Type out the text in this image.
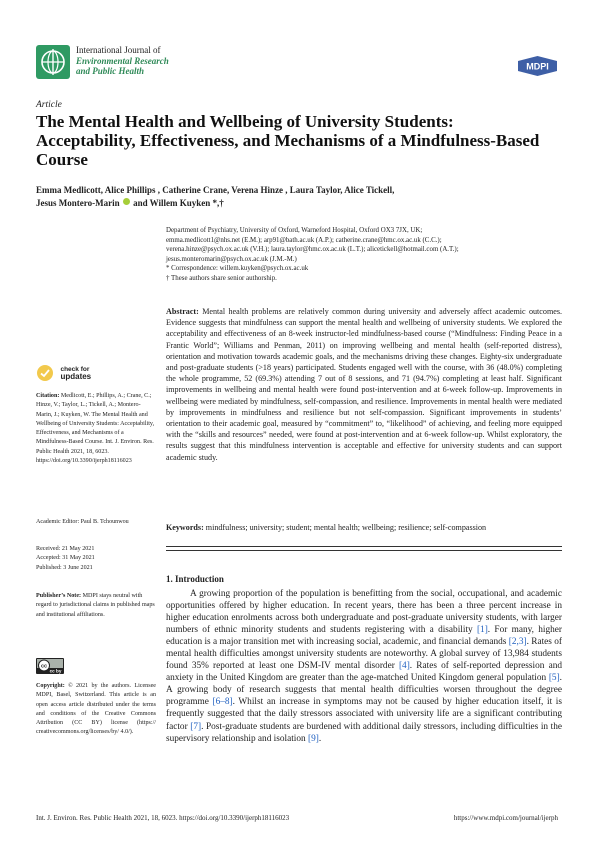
International Journal of
Environmental Research
and Public Health	MDPI
Article
The Mental Health and Wellbeing of University Students: Acceptability, Effectiveness, and Mechanisms of a Mindfulness-Based Course
Emma Medlicott, Alice Phillips , Catherine Crane, Verena Hinze , Laura Taylor, Alice Tickell,
Jesus Montero-Marin and Willem Kuyken *,†
Department of Psychiatry, University of Oxford, Warneford Hospital, Oxford OX3 7JX, UK;
emma.medlicott1@nhs.net (E.M.); arp91@bath.ac.uk (A.P.); catherine.crane@hmc.ox.ac.uk (C.C.);
verena.hinze@psych.ox.ac.uk (V.H.); laura.taylor@hmc.ox.ac.uk (L.T.); alicetickell@hotmail.com (A.T.);
jesus.monteromarin@psych.ox.ac.uk (J.M.-M.)
* Correspondence: willem.kuyken@psych.ox.ac.uk
† These authors share senior authorship.
Abstract: Mental health problems are relatively common during university and adversely affect academic outcomes. Evidence suggests that mindfulness can support the mental health and wellbeing of university students. We explored the acceptability and effectiveness of an 8-week instructor-led mindfulness-based course (“Mindfulness: Finding Peace in a Frantic World”; Williams and Penman, 2011) on improving wellbeing and mental health (self-reported distress), orientation and motivation towards academic goals, and the mechanisms driving these changes. Eighty-six undergraduate and post-graduate students (>18 years) participated. Students engaged well with the course, with 36 (48.0%) completing the whole programme, 52 (69.3%) attending 7 out of 8 sessions, and 71 (94.7%) completing at least half. Significant improvements in wellbeing and mental health were found post-intervention and at 6-week follow-up. Improvements in wellbeing were mediated by mindfulness, self-compassion, and resilience. Improvements in mental health were mediated by improvements in mindfulness and resilience but not self-compassion. Significant improvements in students’ orientation to their academic goal, measured by “commitment” to, “likelihood” of achieving, and feeling more equipped with the “skills and resources” needed, were found at post-intervention and at 6-week follow-up. Whilst exploratory, the results suggest that this mindfulness intervention is acceptable and effective for university students and can support academic study.
Keywords: mindfulness; university; student; mental health; wellbeing; resilience; self-compassion
1. Introduction

A growing proportion of the population is benefitting from the social, occupational, and academic opportunities offered by higher education. In recent years, there has been a three percent increase in higher education enrolments across both undergraduate and post-graduate university students, with larger numbers of ethnic minority students and students registering with a disability [1]. For many, higher education is a major transition met with increasing social, academic, and financial demands [2,3]. Rates of mental health difficulties amongst university students are noteworthy. A global survey of 13,984 students found 35% reported at least one DSM-IV mental disorder [4]. Rates of self-reported depression and anxiety in the United Kingdom are greater than the age-matched United Kingdom general population [5]. A growing body of research suggests that mental health difficulties worsen throughout the degree programme [6–8]. Whilst an increase in symptoms may not be caused by higher education itself, it is frequently suggested that the daily stressors associated with university life are a significant contributing factor [7]. Post-graduate students are burdened with additional daily stressors, including difficulties in the supervisory relationship and isolation [9].

check for
updates
Citation: Medlicott, E.; Phillips, A.; Crane, C.; Hinze, V.; Taylor, L.; Tickell, A.; Montero-Marin, J.; Kuyken, W. The Mental Health and Wellbeing of University Students: Acceptability, Effectiveness, and Mechanisms of a Mindfulness-Based Course. Int. J. Environ. Res. Public Health 2021, 18, 6023. https://doi.org/10.3390/ijerph18116023
Academic Editor: Paul B. Tchounwou
Received: 21 May 2021
Accepted: 31 May 2021
Published: 3 June 2021
Publisher’s Note: MDPI stays neutral with regard to jurisdictional claims in published maps and institutional affiliations.
cc
cc by
Copyright: © 2021 by the authors. Licensee MDPI, Basel, Switzerland. This article is an open access article distributed under the terms and conditions of the Creative Commons Attribution (CC BY) license (https:// creativecommons.org/licenses/by/ 4.0/).
Int. J. Environ. Res. Public Health 2021, 18, 6023. https://doi.org/10.3390/ijerph18116023	https://www.mdpi.com/journal/ijerph
